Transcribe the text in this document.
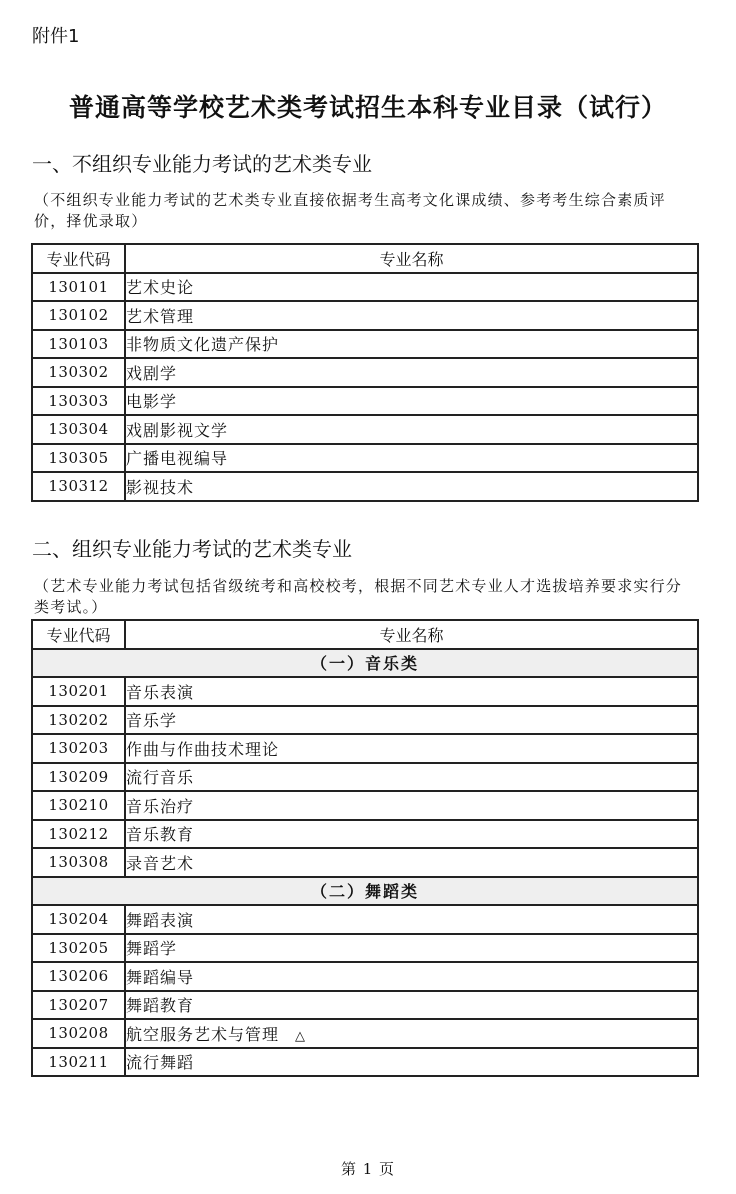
附件1
普通高等学校艺术类考试招生本科专业目录（试行）
一、不组织专业能力考试的艺术类专业
（不组织专业能力考试的艺术类专业直接依据考生高考文化课成绩、参考考生综合素质评价，择优录取）
专业代码	专业名称
130101	艺术史论
130102	艺术管理
130103	非物质文化遗产保护
130302	戏剧学
130303	电影学
130304	戏剧影视文学
130305	广播电视编导
130312	影视技术
二、组织专业能力考试的艺术类专业
（艺术专业能力考试包括省级统考和高校校考，根据不同艺术专业人才选拔培养要求实行分类考试。）
专业代码	专业名称
（一）音乐类	
130201	音乐表演
130202	音乐学
130203	作曲与作曲技术理论
130209	流行音乐
130210	音乐治疗
130212	音乐教育
130308	录音艺术
（二）舞蹈类	
130204	舞蹈表演
130205	舞蹈学
130206	舞蹈编导
130207	舞蹈教育
130208	航空服务艺术与管理 △
130211	流行舞蹈
第 1 页
